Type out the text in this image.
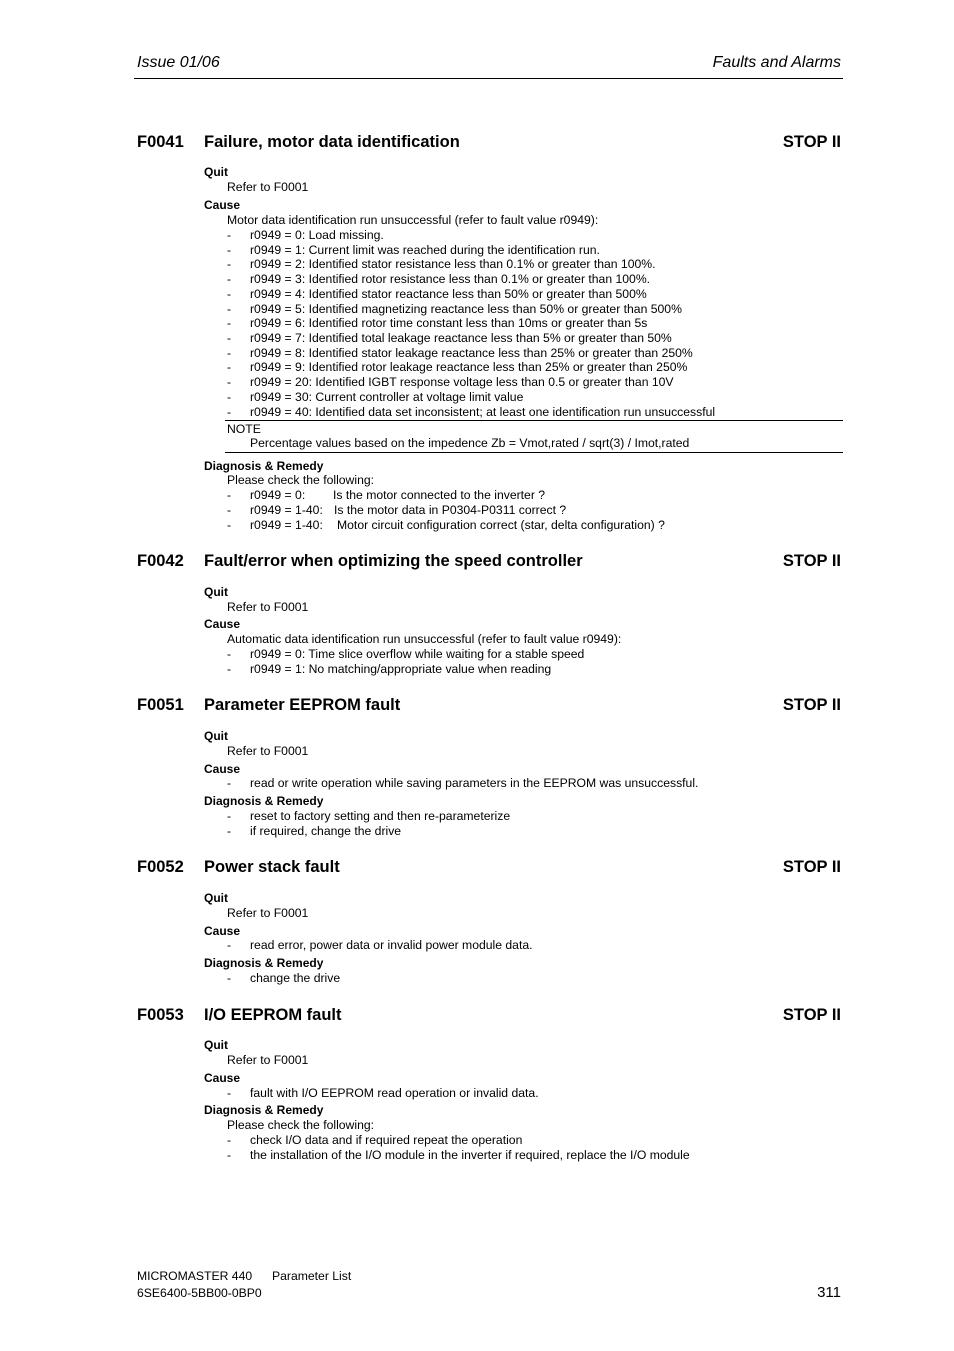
Issue 01/06	Faults and Alarms
F0041 Failure, motor data identification	STOP II
Quit
Refer to F0001
Cause
Motor data identification run unsuccessful (refer to fault value r0949):
- r0949 = 0: Load missing.
- r0949 = 1: Current limit was reached during the identification run.
- r0949 = 2: Identified stator resistance less than 0.1% or greater than 100%.
- r0949 = 3: Identified rotor resistance less than 0.1% or greater than 100%.
- r0949 = 4: Identified stator reactance less than 50% or greater than 500%
- r0949 = 5: Identified magnetizing reactance less than 50% or greater than 500%
- r0949 = 6: Identified rotor time constant less than 10ms or greater than 5s
- r0949 = 7: Identified total leakage reactance less than 5% or greater than 50%
- r0949 = 8: Identified stator leakage reactance less than 25% or greater than 250%
- r0949 = 9: Identified rotor leakage reactance less than 25% or greater than 250%
- r0949 = 20: Identified IGBT response voltage less than 0.5 or greater than 10V
- r0949 = 30: Current controller at voltage limit value
- r0949 = 40: Identified data set inconsistent; at least one identification run unsuccessful
NOTE
Percentage values based on the impedence Zb = Vmot,rated / sqrt(3) / Imot,rated
Diagnosis & Remedy
Please check the following:
- r0949 = 0: Is the motor connected to the inverter ?
- r0949 = 1-40: Is the motor data in P0304-P0311 correct ?
- r0949 = 1-40: Motor circuit configuration correct (star, delta configuration) ?
F0042 Fault/error when optimizing the speed controller	STOP II
Quit
Refer to F0001
Cause
Automatic data identification run unsuccessful (refer to fault value r0949):
- r0949 = 0: Time slice overflow while waiting for a stable speed
- r0949 = 1: No matching/appropriate value when reading
F0051 Parameter EEPROM fault	STOP II
Quit
Refer to F0001
Cause
- read or write operation while saving parameters in the EEPROM was unsuccessful.
Diagnosis & Remedy
- reset to factory setting and then re-parameterize
- if required, change the drive
F0052 Power stack fault	STOP II
Quit
Refer to F0001
Cause
- read error, power data or invalid power module data.
Diagnosis & Remedy
- change the drive
F0053 I/O EEPROM fault	STOP II
Quit
Refer to F0001
Cause
- fault with I/O EEPROM read operation or invalid data.
Diagnosis & Remedy
Please check the following:
- check I/O data and if required repeat the operation
- the installation of the I/O module in the inverter if required, replace the I/O module
MICROMASTER 440 Parameter List
6SE6400-5BB00-0BP0	311
